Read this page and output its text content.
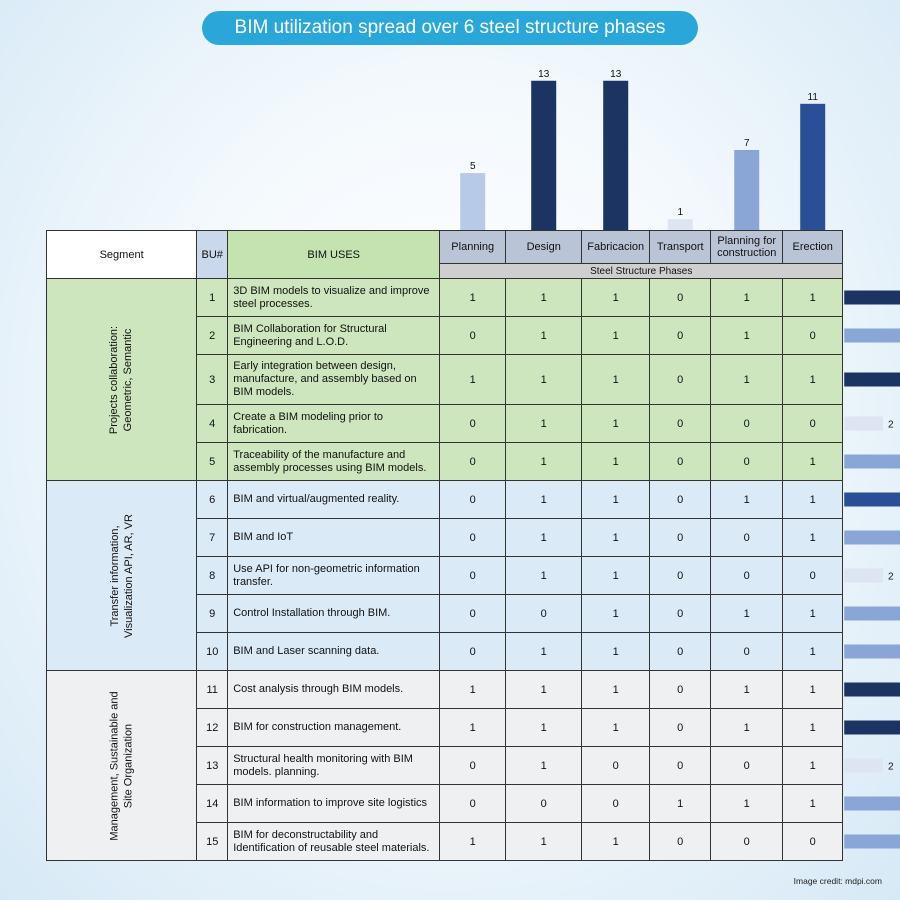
BIM utilization spread over 6 steel structure phases
5
13	13
1
7
11
Segment	BU#	BIM USES	Planning	Design	Fabricacion	Transport	Planning for construction	Erection
			Steel Structure Phases					
Projects collaboration: Geometric, Semantic	1	3D BIM models to visualize and improve steel processes.	1	1	1	0	1	1
	2	BIM Collaboration for Structural Engineering and L.O.D.	0	1	1	0	1	0
	3	Early integration between design, manufacture, and assembly based on BIM models.	1	1	1	0	1	1
	4	Create a BIM modeling prior to fabrication.	0	1	1	0	0	0
	5	Traceability of the manufacture and assembly processes using BIM models.	0	1	1	0	0	1
Transfer information, Visualization API, AR, VR	6	BIM and virtual/augmented reality.	0	1	1	0	1	1
	7	BIM and IoT	0	1	1	0	0	1
	8	Use API for non-geometric information transfer.	0	1	1	0	0	0
	9	Control Installation through BIM.	0	0	1	0	1	1
	10	BIM and Laser scanning data.	0	1	1	0	0	1
Management, Sustainable and Site Organization	11	Cost analysis through BIM models.	1	1	1	0	1	1
	12	BIM for construction management.	1	1	1	0	1	1
	13	Structural health monitoring with BIM models. planning.	0	1	0	0	0	1
	14	BIM information to improve site logistics	0	0	0	1	1	1
	15	BIM for deconstructability and Identification of reusable steel materials.	1	1	1	0	0	0
2
2
2
Image credit: mdpi.com
